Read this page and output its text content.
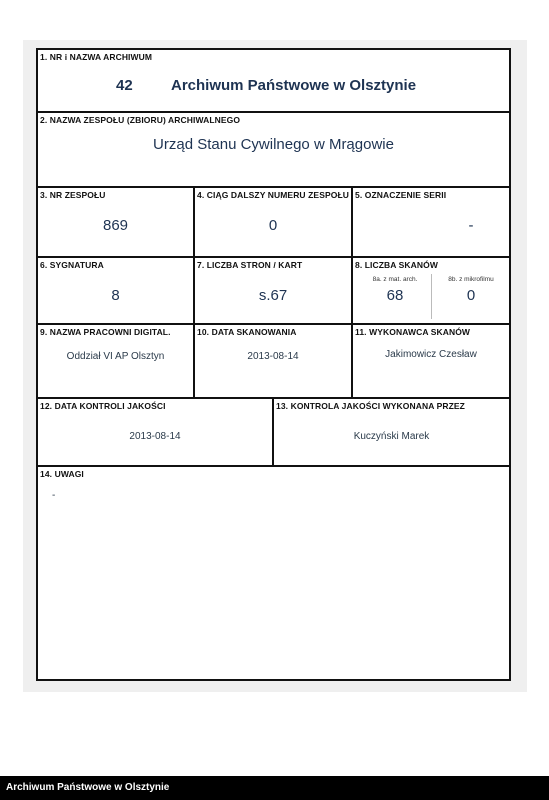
1. NR i NAZWA ARCHIWUM
42	Archiwum Państwowe w Olsztynie
2. NAZWA ZESPOŁU (ZBIORU) ARCHIWALNEGO
Urząd Stanu Cywilnego w Mrągowie
3. NR ZESPOŁU
869
4. CIĄG DALSZY NUMERU ZESPOŁU
0
5. OZNACZENIE SERII
-
6. SYGNATURA
8
7. LICZBA STRON / KART
s.67
8. LICZBA SKANÓW
8a. z mat. arch.	8b. z mikrofilmu
68	0
9. NAZWA PRACOWNI DIGITAL.
Oddział VI AP Olsztyn
10. DATA SKANOWANIA
2013-08-14
11. WYKONAWCA SKANÓW
Jakimowicz Czesław
12. DATA KONTROLI JAKOŚCI
2013-08-14
13. KONTROLA JAKOŚCI WYKONANA PRZEZ
Kuczyński Marek
14. UWAGI
-
Archiwum Państwowe w Olsztynie
